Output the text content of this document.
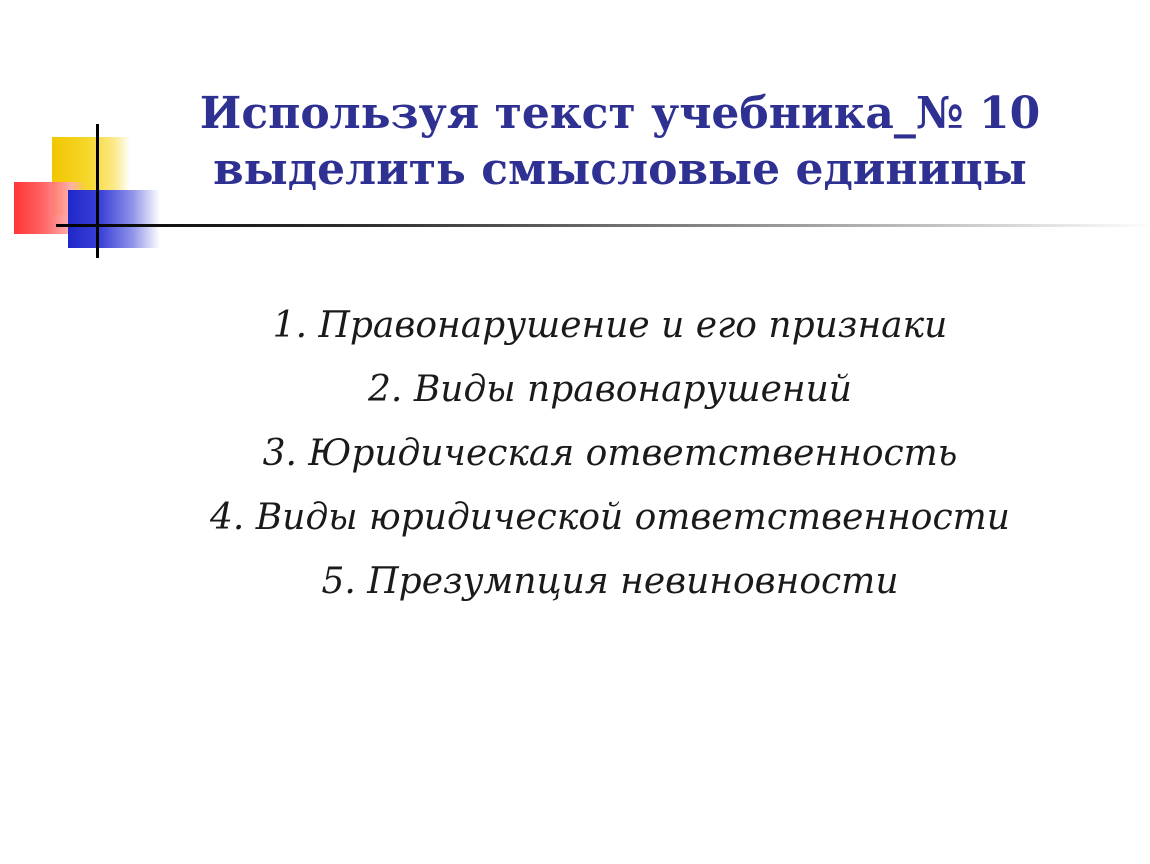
Используя текст учебника_№ 10
выделить смысловые единицы
1. Правонарушение и его признаки
2. Виды правонарушений
3. Юридическая ответственность
4. Виды юридической ответственности
5. Презумпция невиновности
